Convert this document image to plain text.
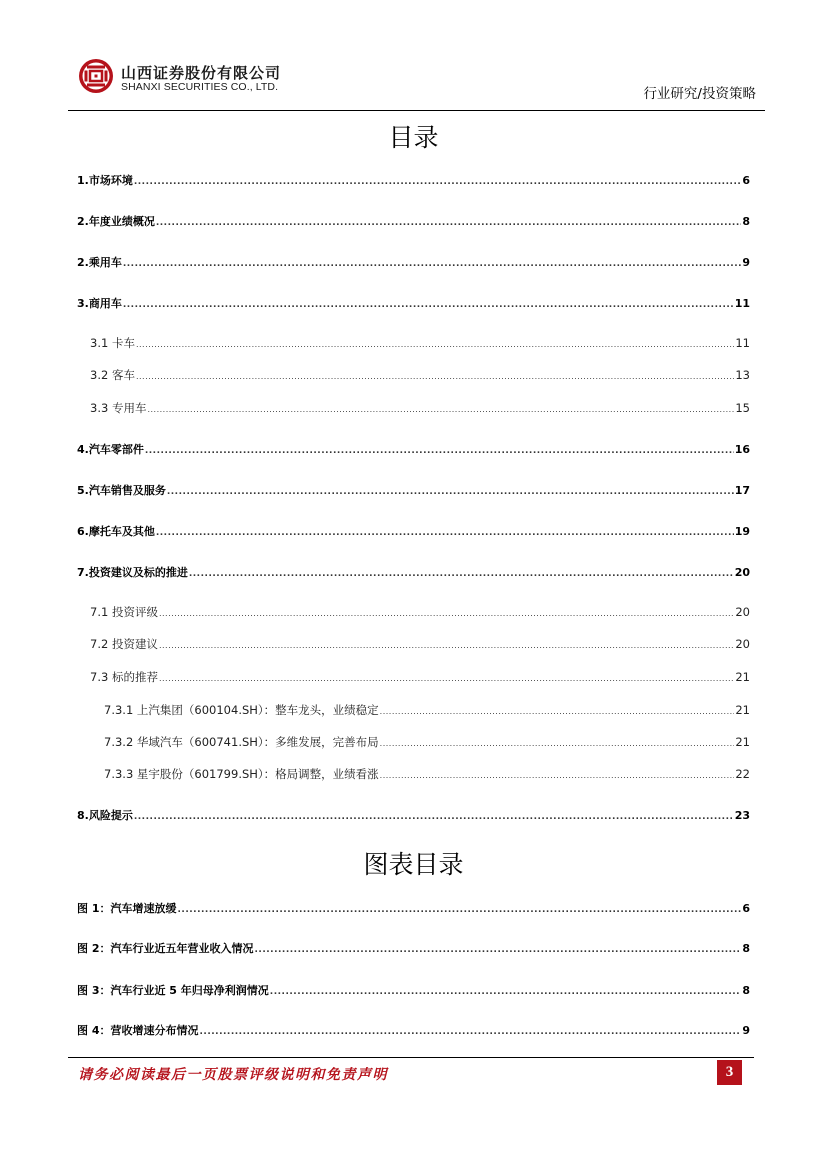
山西证券股份有限公司
SHANXI SECURITIES CO., LTD.	行业研究/投资策略
目录
1.市场环境 .....	6
2.年度业绩概况 .....	8
2.乘用车 .....	9
3.商用车 .....	11
3.1 卡车 .....	11
3.2 客车 .....	13
3.3 专用车 .....	15
4.汽车零部件 .....	16
5.汽车销售及服务 .....	17
6.摩托车及其他 .....	19
7.投资建议及标的推进 .....	20
7.1 投资评级 .....	20
7.2 投资建议 .....	20
7.3 标的推荐 .....	21
7.3.1 上汽集团（600104.SH）：整车龙头，业绩稳定 .....	21
7.3.2 华域汽车（600741.SH）：多维发展，完善布局 .....	21
7.3.3 星宇股份（601799.SH）：格局调整，业绩看涨 .....	22
8.风险提示 .....	23
图表目录
图 1：汽车增速放缓 .....	6
图 2：汽车行业近五年营业收入情况 .....	8
图 3：汽车行业近 5 年归母净利润情况 .....	8
图 4：营收增速分布情况 .....	9
请务必阅读最后一页股票评级说明和免责声明	3
